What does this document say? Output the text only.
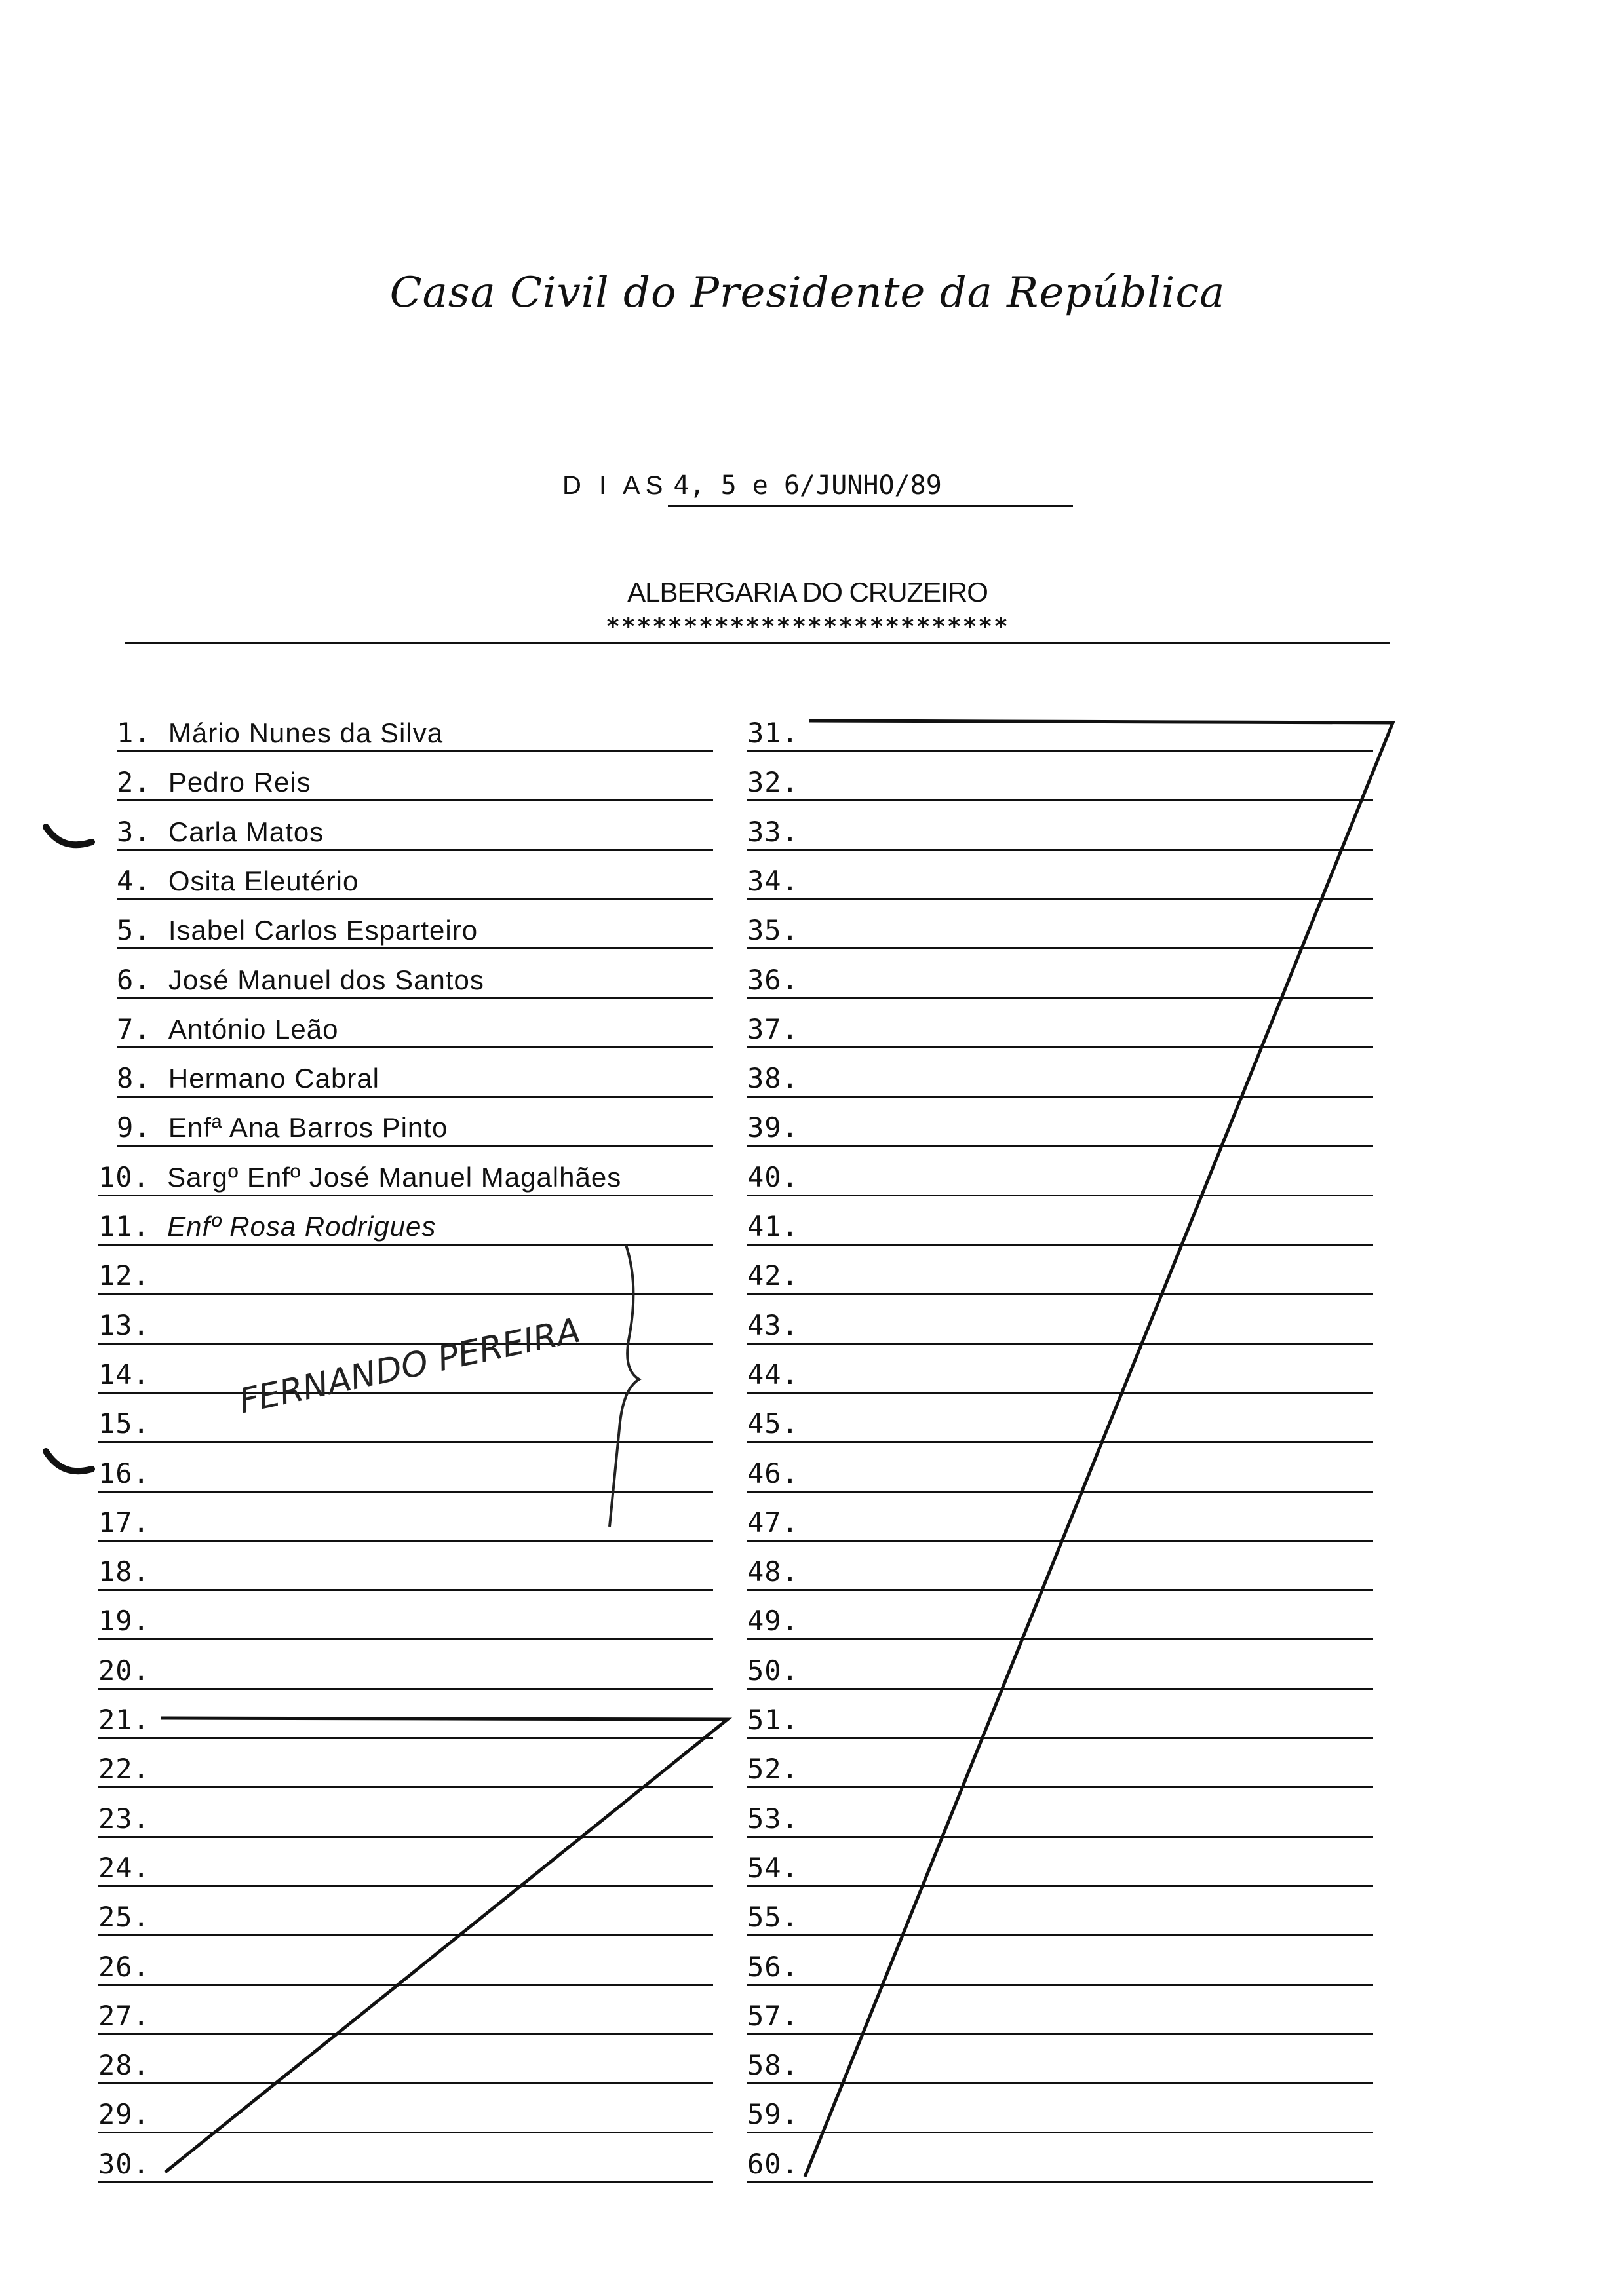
Casa Civil do Presidente da República
D I AS 4, 5 e 6/JUNHO/89
ALBERGARIA DO CRUZEIRO
**************************
1. Mário Nunes da Silva
2. Pedro Reis
3. Carla Matos
4. Osita Eleutério
5. Isabel Carlos Esparteiro
6. José Manuel dos Santos
7. António Leão
8. Hermano Cabral
9. Enfª Ana Barros Pinto
10. Sargº Enfº José Manuel Magalhães
11. Enfº Rosa Rodrigues
12.
13.
14.
15.
16.
17.
18.
19.
20.
21.
22.
23.
24.
25.
26.
27.
28.
29.
30.
31.
32.
33.
34.
35.
36.
37.
38.
39.
40.
41.
42.
43.
44.
45.
46.
47.
48.
49.
50.
51.
52.
53.
54.
55.
56.
57.
58.
59.
60.
FERNANDO PEREIRA
